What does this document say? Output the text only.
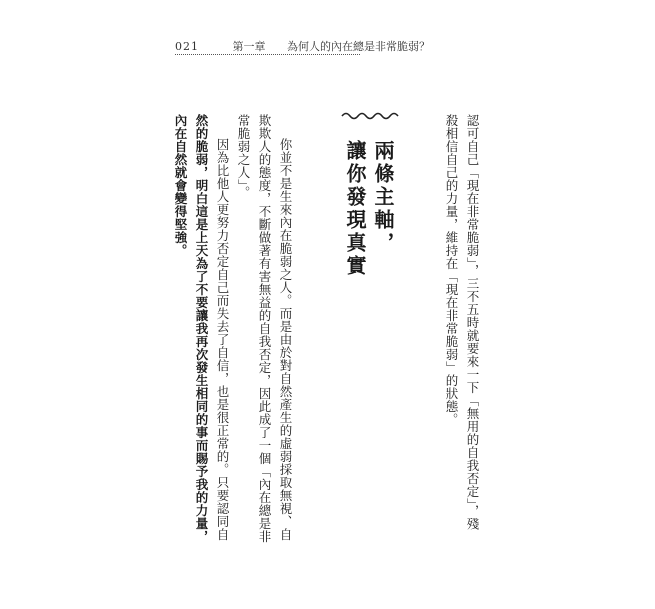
021	第一章 為何人的內在總是非常脆弱？
認可自己「現在非常脆弱」，三不五時就要來一下「無用的自我否定」，殘
殺相信自己的力量，維持在「現在非常脆弱」的狀態。
兩條主軸，
讓你發現真實
你並不是生來內在脆弱之人。而是由於對自然產生的虛弱採取無視、自
欺欺人的態度，不斷做著有害無益的自我否定，因此成了一個「內在總是非
常脆弱之人」。
因為比他人更努力否定自己而失去了自信，也是很正常的。只要認同自
然的脆弱，明白這是上天為了不要讓我再次發生相同的事而賜予我的力量，
內在自然就會變得堅強。
